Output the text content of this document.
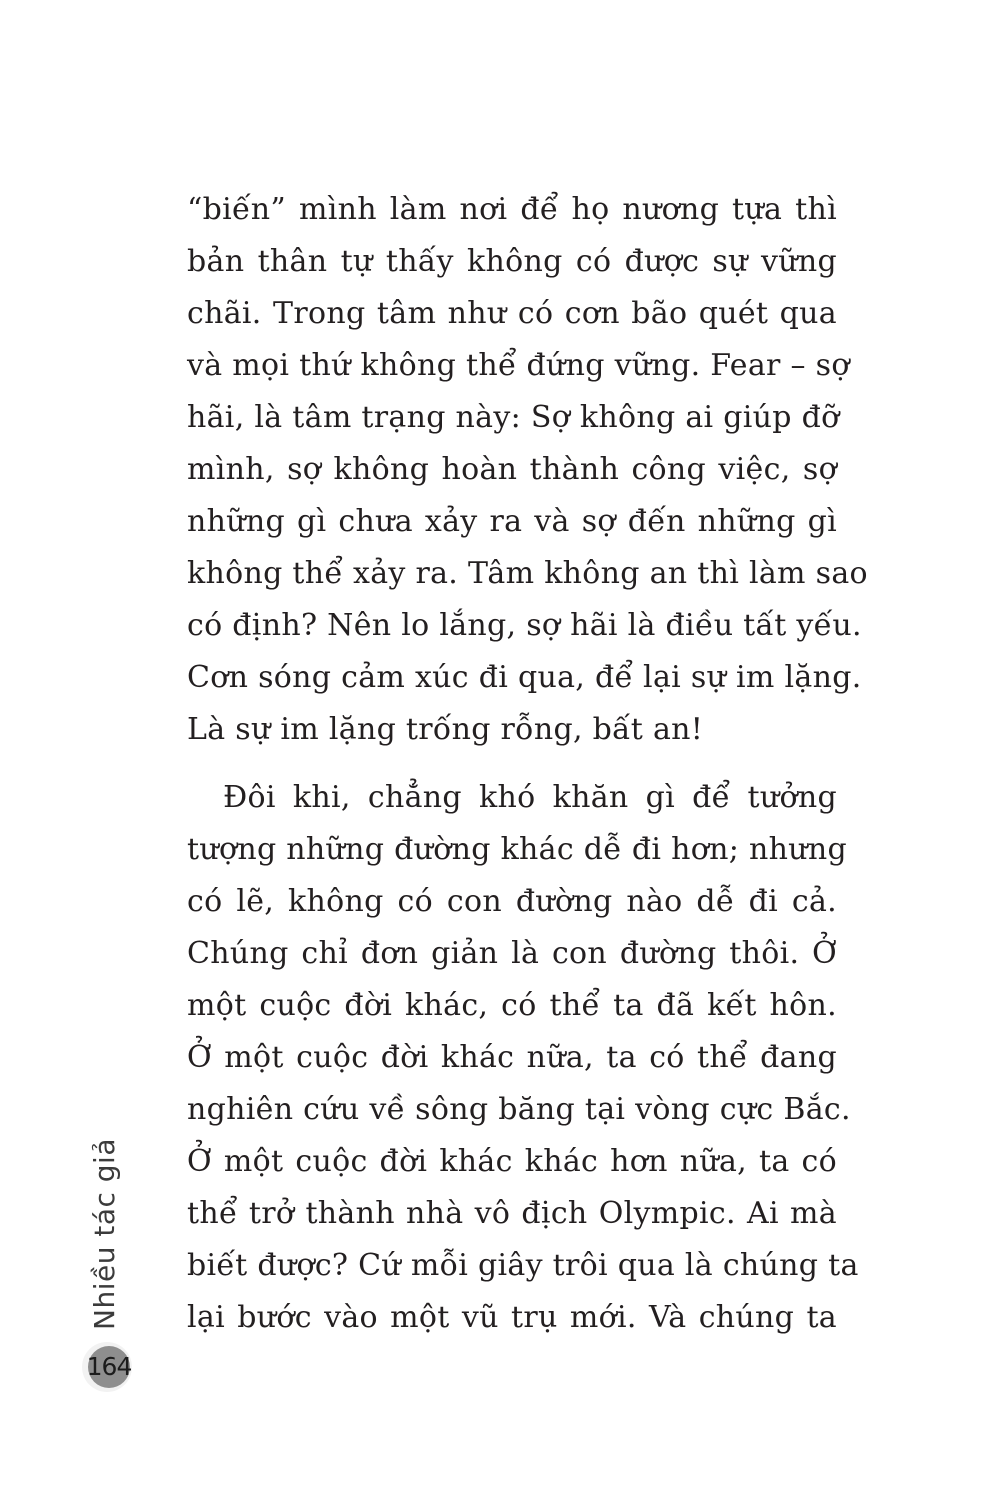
“biến” mình làm nơi để họ nương tựa thì
bản thân tự thấy không có được sự vững
chãi. Trong tâm như có cơn bão quét qua
và mọi thứ không thể đứng vững. Fear – sợ
hãi, là tâm trạng này: Sợ không ai giúp đỡ
mình, sợ không hoàn thành công việc, sợ
những gì chưa xảy ra và sợ đến những gì
không thể xảy ra. Tâm không an thì làm sao
có định? Nên lo lắng, sợ hãi là điều tất yếu.
Cơn sóng cảm xúc đi qua, để lại sự im lặng.
Là sự im lặng trống rỗng, bất an!

Đôi khi, chẳng khó khăn gì để tưởng
tượng những đường khác dễ đi hơn; nhưng
có lẽ, không có con đường nào dễ đi cả.
Chúng chỉ đơn giản là con đường thôi. Ở
một cuộc đời khác, có thể ta đã kết hôn.
Ở một cuộc đời khác nữa, ta có thể đang
nghiên cứu về sông băng tại vòng cực Bắc.
Ở một cuộc đời khác khác hơn nữa, ta có
thể trở thành nhà vô địch Olympic. Ai mà
biết được? Cứ mỗi giây trôi qua là chúng ta
lại bước vào một vũ trụ mới. Và chúng ta

Nhiều tác giả
164
